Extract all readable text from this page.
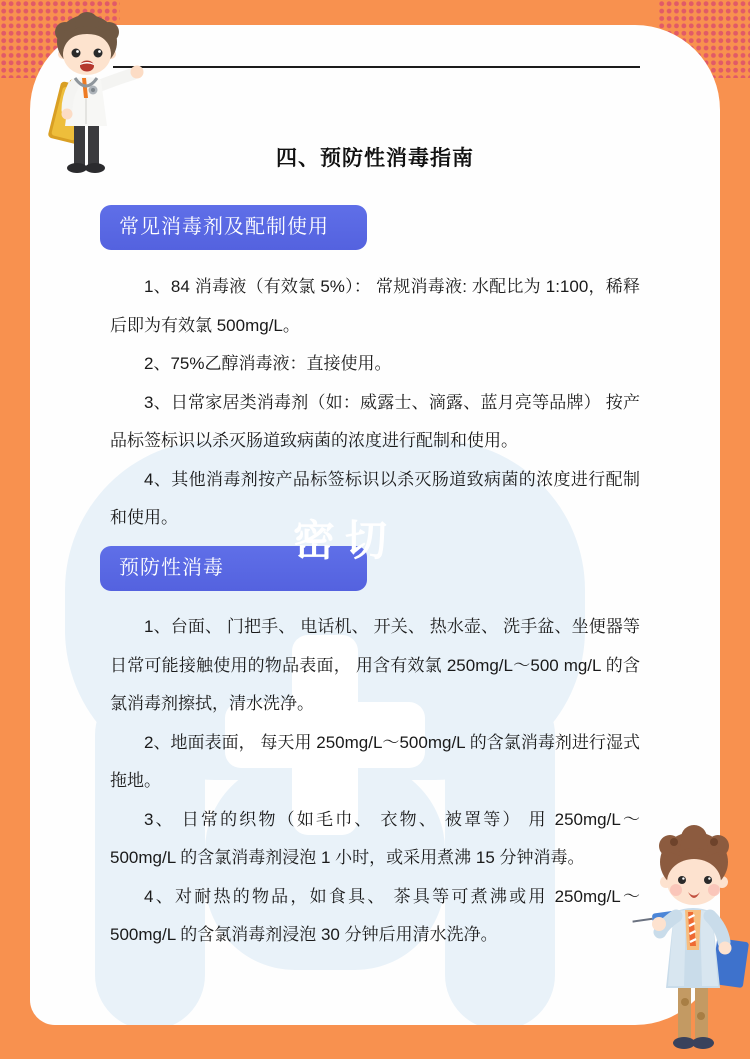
密切
四、预防性消毒指南
常见消毒剂及配制使用

1、84 消毒液（有效氯 5%）： 常规消毒液: 水配比为 1:100，稀释后即为有效氯 500mg/L。

2、75%乙醇消毒液：直接使用。

3、日常家居类消毒剂（如：威露士、滴露、蓝月亮等品牌） 按产品标签标识以杀灭肠道致病菌的浓度进行配制和使用。

4、其他消毒剂按产品标签标识以杀灭肠道致病菌的浓度进行配制和使用。

预防性消毒

1、台面、 门把手、 电话机、 开关、 热水壶、 洗手盆、坐便器等日常可能接触使用的物品表面， 用含有效氯 250mg/L～500 mg/L 的含氯消毒剂擦拭，清水洗净。

2、地面表面， 每天用 250mg/L～500mg/L 的含氯消毒剂进行湿式拖地。

3、 日常的织物（如毛巾、 衣物、 被罩等） 用 250mg/L～500mg/L 的含氯消毒剂浸泡 1 小时，或采用煮沸 15 分钟消毒。

4、对耐热的物品，如食具、 茶具等可煮沸或用 250mg/L～500mg/L 的含氯消毒剂浸泡 30 分钟后用清水洗净。
